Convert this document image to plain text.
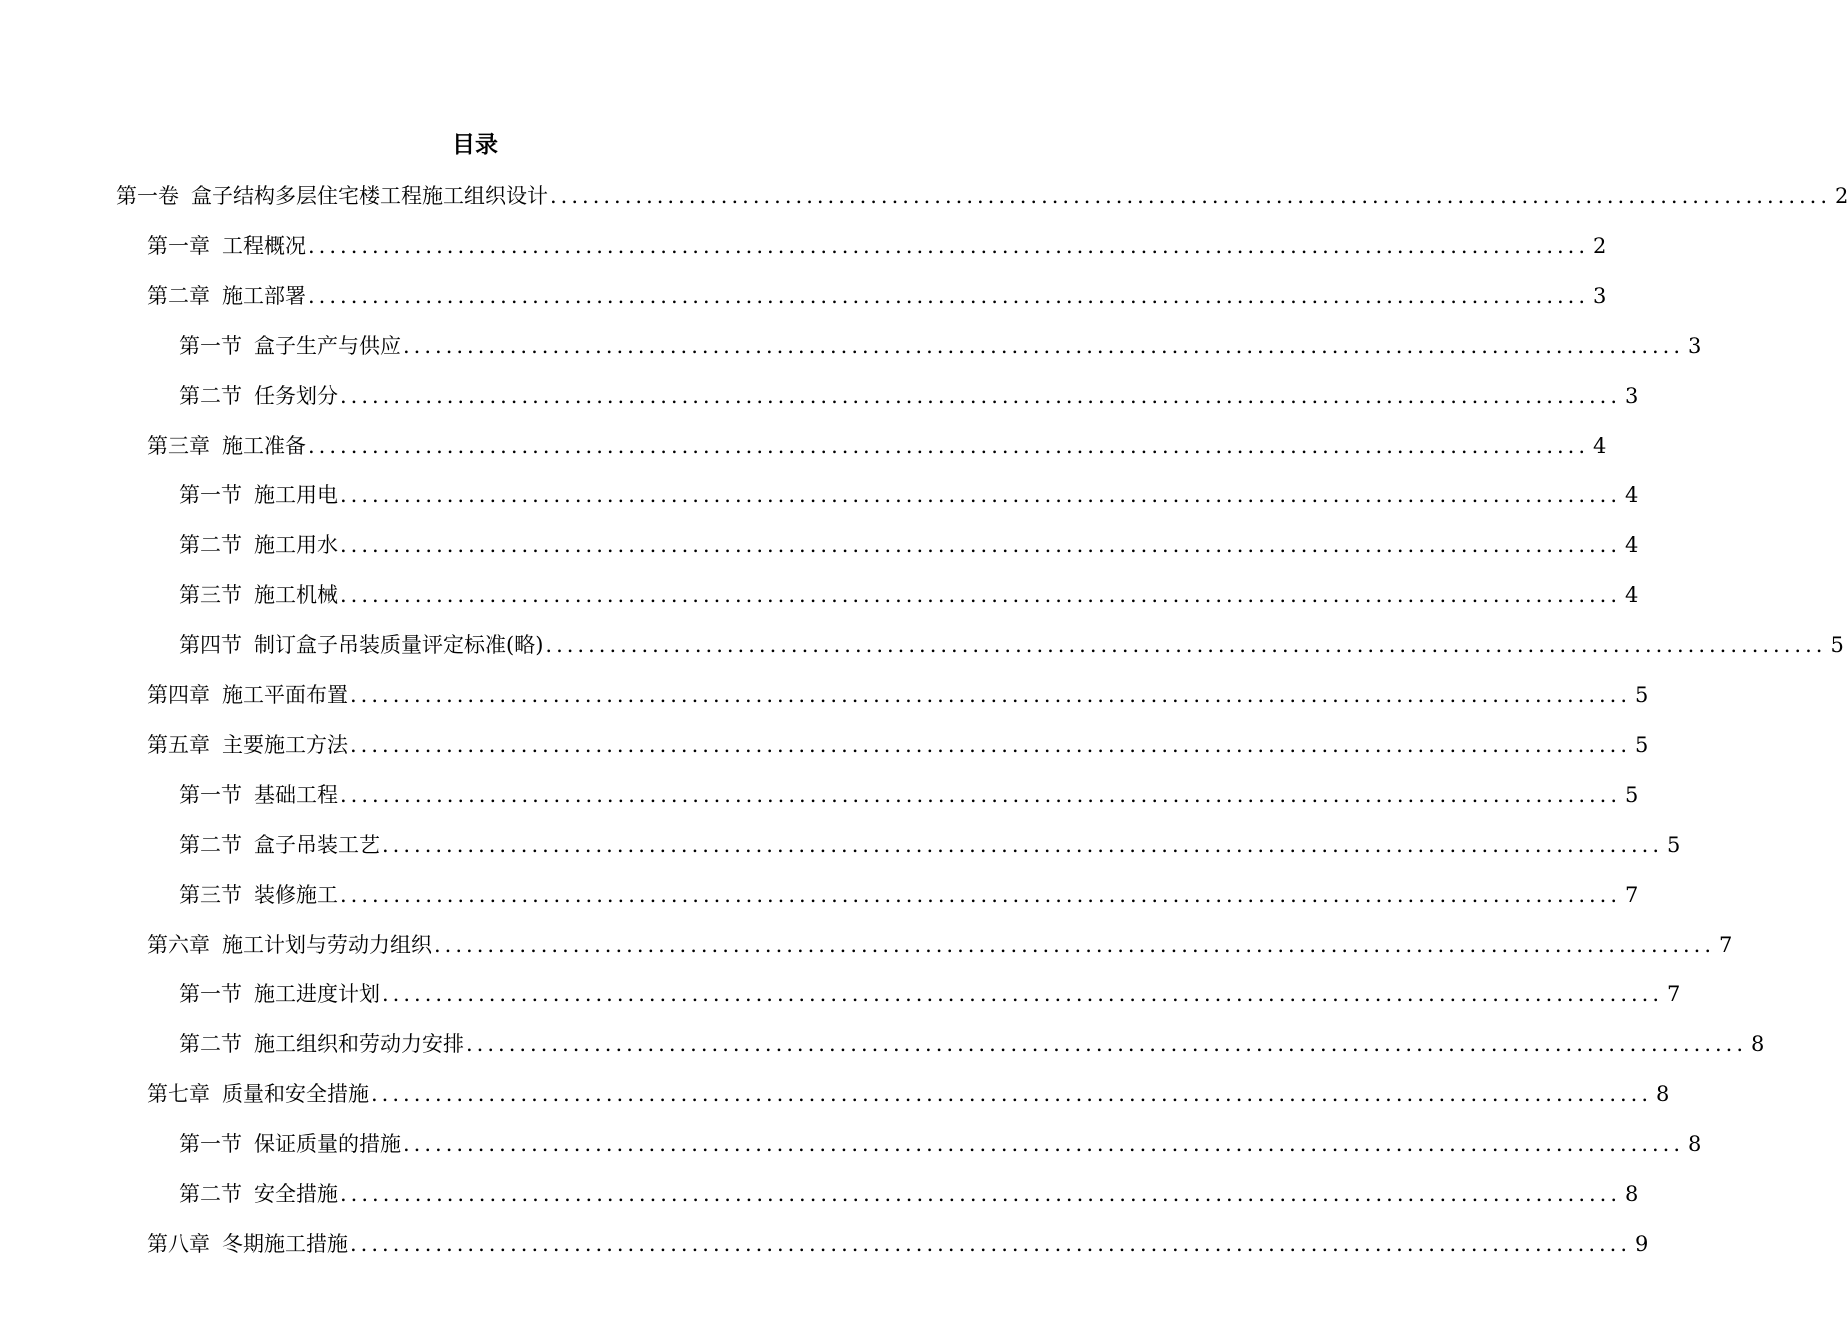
目录
第一卷 盒子结构多层住宅楼工程施工组织设计 ........................................................................................................................ 2
第一章 工程概况 ........................................................................................................................ 2
第二章 施工部署 ........................................................................................................................ 3
第一节 盒子生产与供应 ........................................................................................................................ 3
第二节 任务划分 ........................................................................................................................ 3
第三章 施工准备 ........................................................................................................................ 4
第一节 施工用电 ........................................................................................................................ 4
第二节 施工用水 ........................................................................................................................ 4
第三节 施工机械 ........................................................................................................................ 4
第四节 制订盒子吊装质量评定标准(略) ........................................................................................................................ 5
第四章 施工平面布置 ........................................................................................................................ 5
第五章 主要施工方法 ........................................................................................................................ 5
第一节 基础工程 ........................................................................................................................ 5
第二节 盒子吊装工艺 ........................................................................................................................ 5
第三节 装修施工 ........................................................................................................................ 7
第六章 施工计划与劳动力组织 ........................................................................................................................ 7
第一节 施工进度计划 ........................................................................................................................ 7
第二节 施工组织和劳动力安排 ........................................................................................................................ 8
第七章 质量和安全措施 ........................................................................................................................ 8
第一节 保证质量的措施 ........................................................................................................................ 8
第二节 安全措施 ........................................................................................................................ 8
第八章 冬期施工措施 ........................................................................................................................ 9
